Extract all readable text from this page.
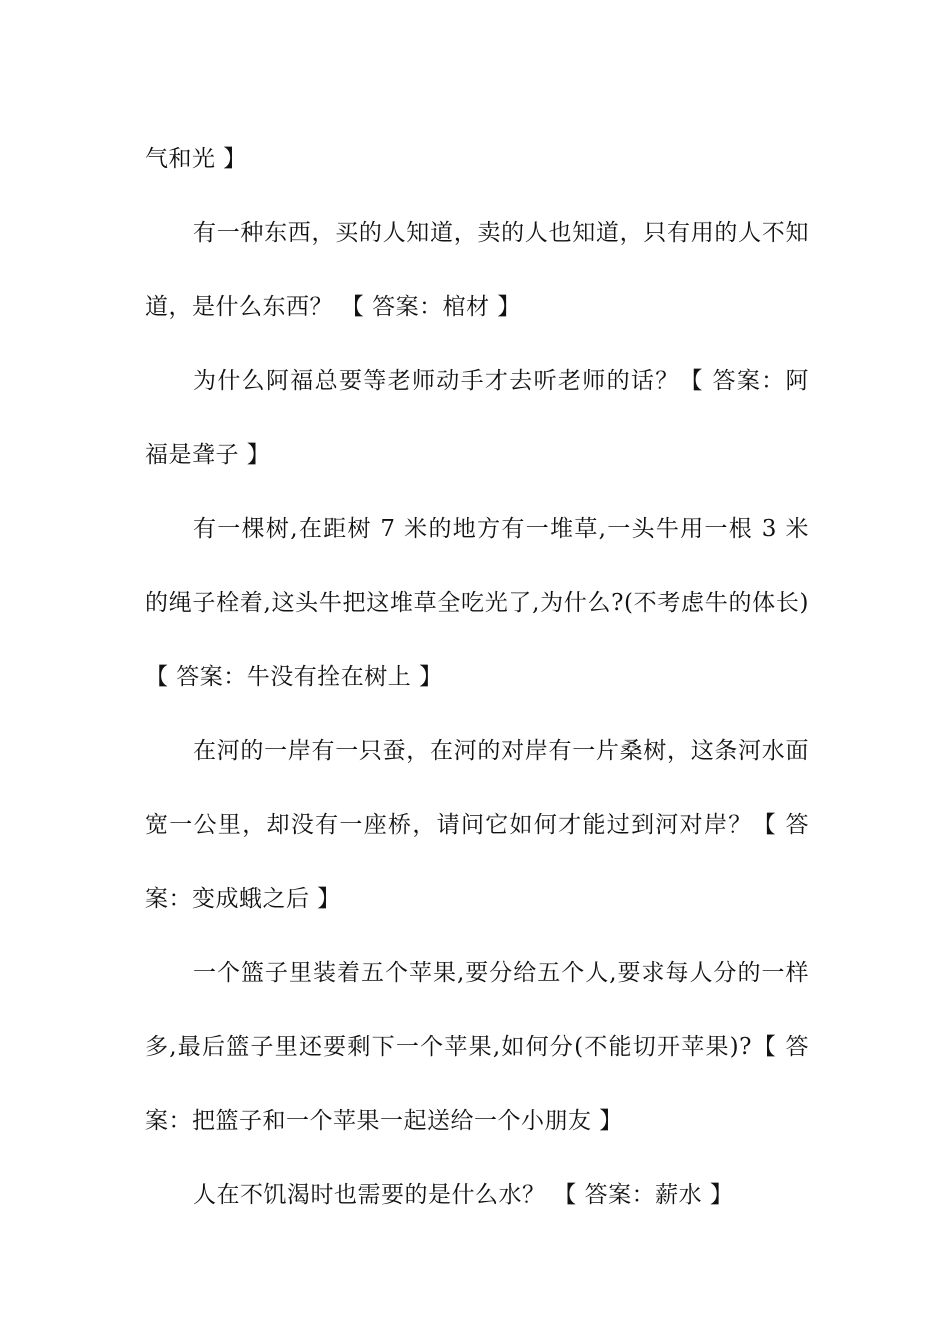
气和光 】

有一种东西，买的人知道，卖的人也知道，只有用的人不知道，是什么东西？ 【 答案：棺材 】

为什么阿福总要等老师动手才去听老师的话？【 答案：阿福是聋子 】

有一棵树,在距树 7 米的地方有一堆草,一头牛用一根 3 米的绳子栓着,这头牛把这堆草全吃光了,为什么?(不考虑牛的体长) 【 答案：牛没有拴在树上 】

在河的一岸有一只蚕，在河的对岸有一片桑树，这条河水面宽一公里，却没有一座桥，请问它如何才能过到河对岸？【 答案：变成蛾之后 】

一个篮子里装着五个苹果,要分给五个人,要求每人分的一样多,最后篮子里还要剩下一个苹果,如何分(不能切开苹果)?【 答案：把篮子和一个苹果一起送给一个小朋友 】

人在不饥渴时也需要的是什么水？ 【 答案：薪水 】
